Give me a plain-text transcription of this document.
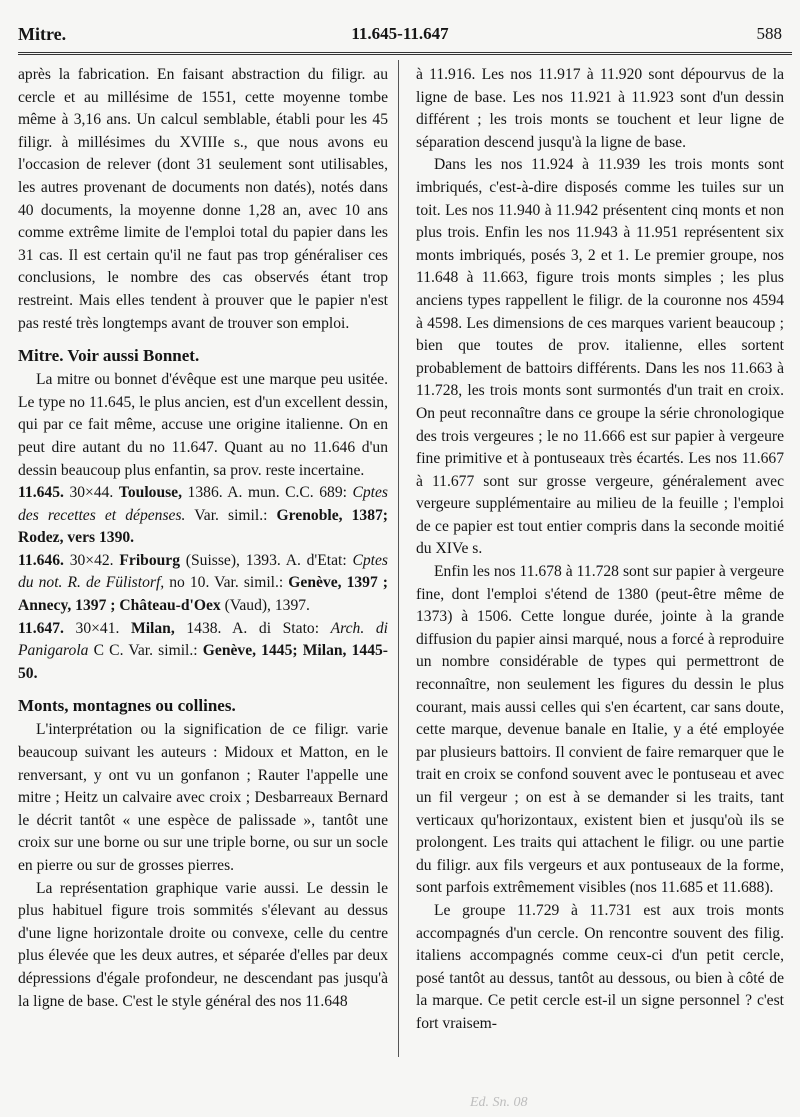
Mitre.	11.645-11.647	588

après la fabrication. En faisant abstraction du filigr. au cercle et au millésime de 1551, cette moyenne tombe même à 3,16 ans. Un calcul semblable, établi pour les 45 filigr. à millésimes du XVIIIe s., que nous avons eu l'occasion de relever (dont 31 seulement sont utilisables, les autres provenant de documents non datés), notés dans 40 documents, la moyenne donne 1,28 an, avec 10 ans comme extrême limite de l'emploi total du papier dans les 31 cas. Il est certain qu'il ne faut pas trop généraliser ces conclusions, le nombre des cas observés étant trop restreint. Mais elles tendent à prouver que le papier n'est pas resté très longtemps avant de trouver son emploi.

Mitre. Voir aussi Bonnet.

La mitre ou bonnet d'évêque est une marque peu usitée. Le type no 11.645, le plus ancien, est d'un excellent dessin, qui par ce fait même, accuse une origine italienne. On en peut dire autant du no 11.647. Quant au no 11.646 d'un dessin beaucoup plus enfantin, sa prov. reste incertaine.

11.645. 30×44. Toulouse, 1386. A. mun. C.C. 689: Cptes des recettes et dépenses. Var. simil.: Grenoble, 1387; Rodez, vers 1390.

11.646. 30×42. Fribourg (Suisse), 1393. A. d'Etat: Cptes du not. R. de Fülistorf, no 10. Var. simil.: Genève, 1397 ; Annecy, 1397 ; Château-d'Oex (Vaud), 1397.

11.647. 30×41. Milan, 1438. A. di Stato: Arch. di Panigarola C C. Var. simil.: Genève, 1445; Milan, 1445-50.

Monts, montagnes ou collines.

L'interprétation ou la signification de ce filigr. varie beaucoup suivant les auteurs : Midoux et Matton, en le renversant, y ont vu un gonfanon ; Rauter l'appelle une mitre ; Heitz un calvaire avec croix ; Desbarreaux Bernard le décrit tantôt « une espèce de palissade », tantôt une croix sur une borne ou sur une triple borne, ou sur un socle en pierre ou sur de grosses pierres.

La représentation graphique varie aussi. Le dessin le plus habituel figure trois sommités s'élevant au dessus d'une ligne horizontale droite ou convexe, celle du centre plus élevée que les deux autres, et séparée d'elles par deux dépressions d'égale profondeur, ne descendant pas jusqu'à la ligne de base. C'est le style général des nos 11.648

à 11.916. Les nos 11.917 à 11.920 sont dépourvus de la ligne de base. Les nos 11.921 à 11.923 sont d'un dessin différent ; les trois monts se touchent et leur ligne de séparation descend jusqu'à la ligne de base.

Dans les nos 11.924 à 11.939 les trois monts sont imbriqués, c'est-à-dire disposés comme les tuiles sur un toit. Les nos 11.940 à 11.942 présentent cinq monts et non plus trois. Enfin les nos 11.943 à 11.951 représentent six monts imbriqués, posés 3, 2 et 1. Le premier groupe, nos 11.648 à 11.663, figure trois monts simples ; les plus anciens types rappellent le filigr. de la couronne nos 4594 à 4598. Les dimensions de ces marques varient beaucoup ; bien que toutes de prov. italienne, elles sortent probablement de battoirs différents. Dans les nos 11.663 à 11.728, les trois monts sont surmontés d'un trait en croix. On peut reconnaître dans ce groupe la série chronologique des trois vergeures ; le no 11.666 est sur papier à vergeure fine primitive et à pontuseaux très écartés. Les nos 11.667 à 11.677 sont sur grosse vergeure, généralement avec vergeure supplémentaire au milieu de la feuille ; l'emploi de ce papier est tout entier compris dans la seconde moitié du XIVe s.

Enfin les nos 11.678 à 11.728 sont sur papier à vergeure fine, dont l'emploi s'étend de 1380 (peut-être même de 1373) à 1506. Cette longue durée, jointe à la grande diffusion du papier ainsi marqué, nous a forcé à reproduire un nombre considérable de types qui permettront de reconnaître, non seulement les figures du dessin le plus courant, mais aussi celles qui s'en écartent, car sans doute, cette marque, devenue banale en Italie, y a été employée par plusieurs battoirs. Il convient de faire remarquer que le trait en croix se confond souvent avec le pontuseau et avec un fil vergeur ; on est à se demander si les traits, tant verticaux qu'horizontaux, existent bien et jusqu'où ils se prolongent. Les traits qui attachent le filigr. ou une partie du filigr. aux fils vergeurs et aux pontuseaux de la forme, sont parfois extrêmement visibles (nos 11.685 et 11.688).

Le groupe 11.729 à 11.731 est aux trois monts accompagnés d'un cercle. On rencontre souvent des filig. italiens accompagnés comme ceux-ci d'un petit cercle, posé tantôt au dessus, tantôt au dessous, ou bien à côté de la marque. Ce petit cercle est-il un signe personnel ? c'est fort vraisem-

Ed. Sn. 08
